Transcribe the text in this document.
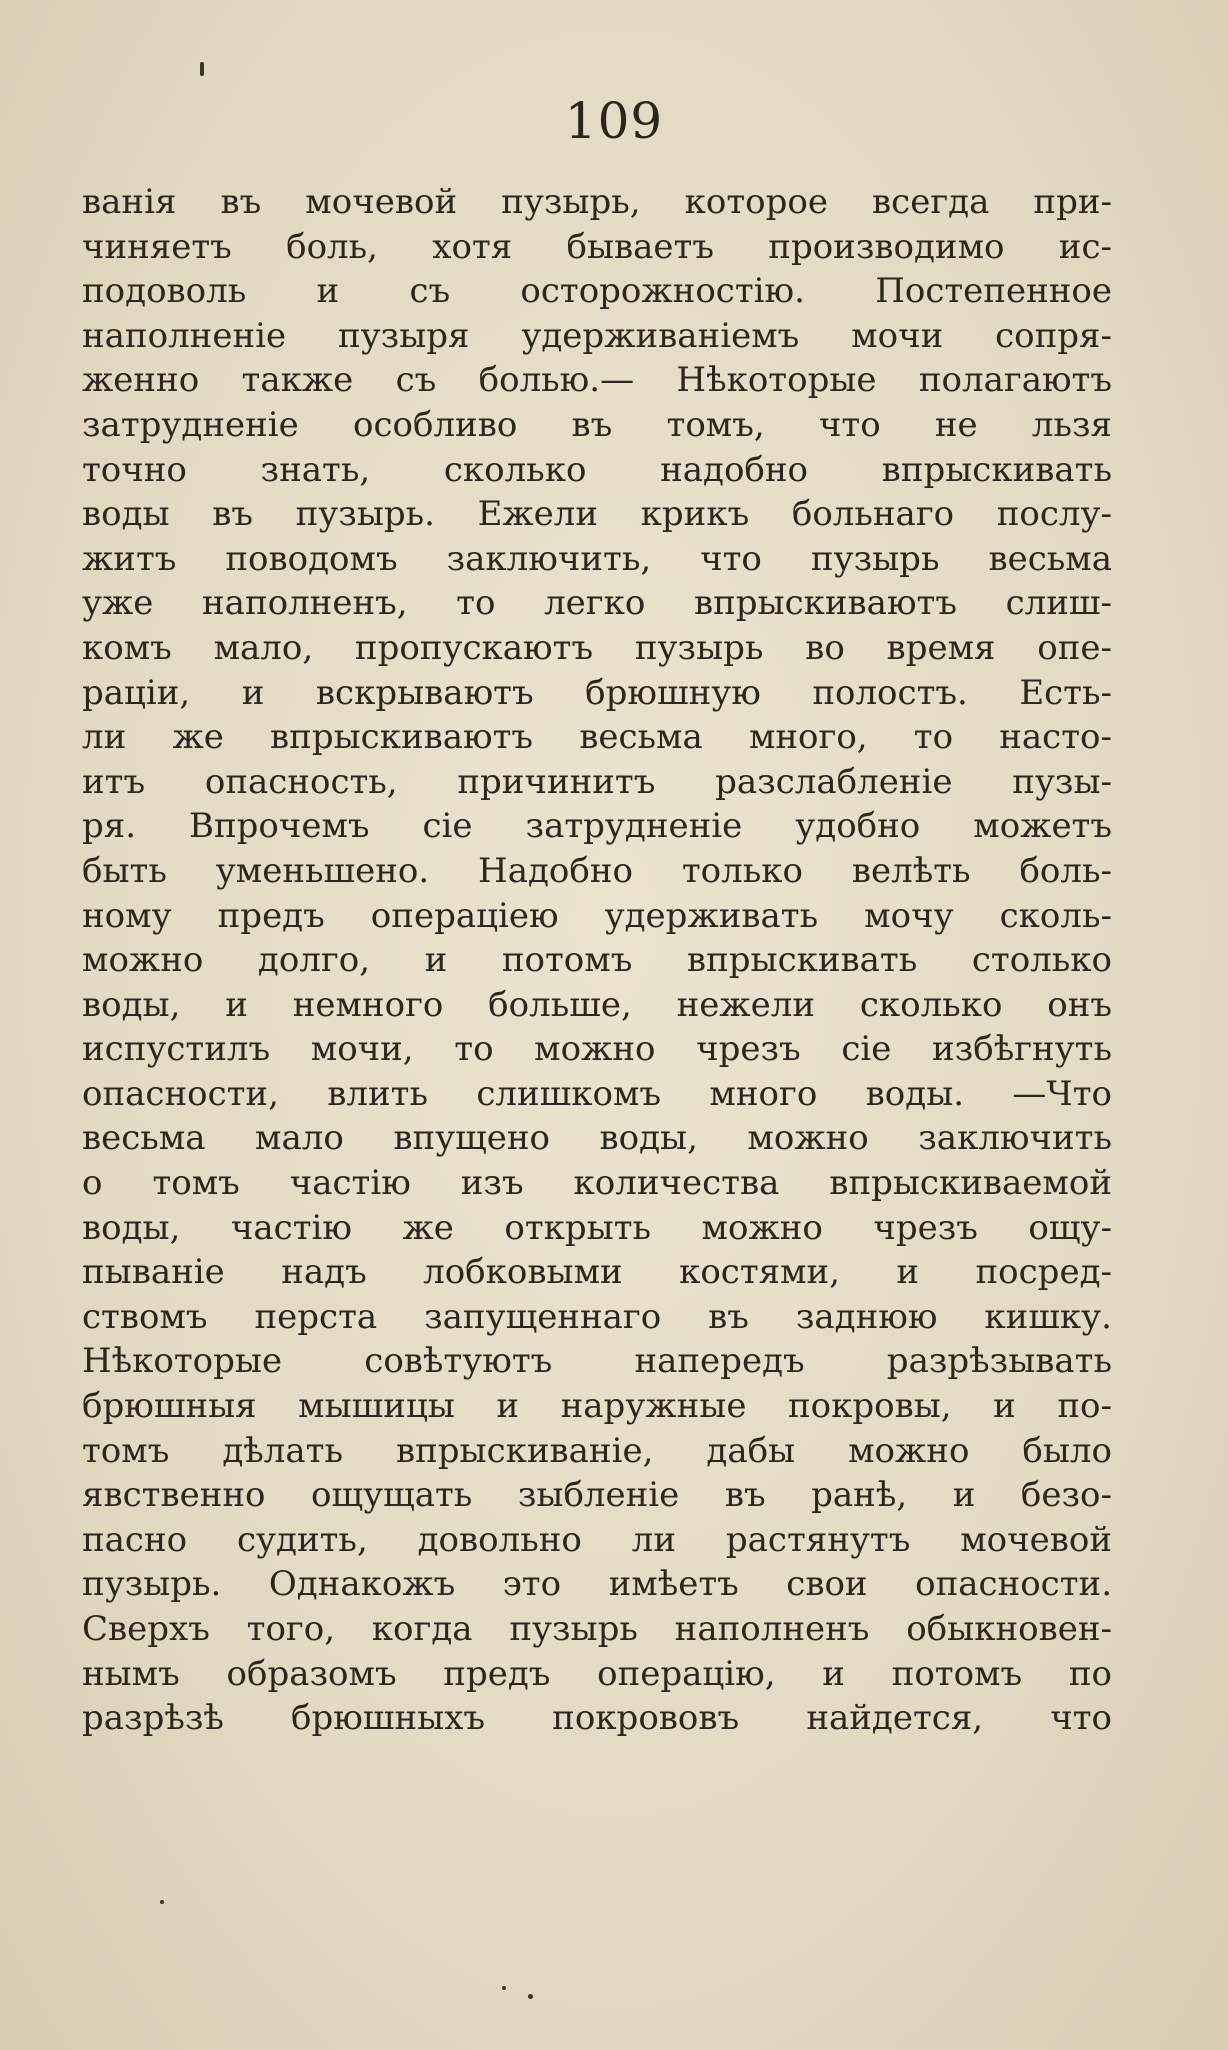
109
ванія въ мочевой пузырь, которое всегда при-
чиняетъ боль, хотя бываетъ производимо ис-
подоволь и съ осторожностію. Постепенное
наполненіе пузыря удерживаніемъ мочи сопря-
женно также съ болью.— Нѣкоторые полагаютъ
затрудненіе особливо въ томъ, что не льзя
точно знать, сколько надобно впрыскивать
воды въ пузырь. Ежели крикъ больнаго послу-
житъ поводомъ заключить, что пузырь весьма
уже наполненъ, то легко впрыскиваютъ слиш-
комъ мало, пропускаютъ пузырь во время опе-
раціи, и вскрываютъ брюшную полостъ. Есть-
ли же впрыскиваютъ весьма много, то насто-
итъ опасность, причинитъ разслабленіе пузы-
ря. Впрочемъ сіе затрудненіе удобно можетъ
быть уменьшено. Надобно только велѣть боль-
ному предъ операціею удерживать мочу сколь-
можно долго, и потомъ впрыскивать столько
воды, и немного больше, нежели сколько онъ
испустилъ мочи, то можно чрезъ сіе избѣгнуть
опасности, влить слишкомъ много воды. —Что
весьма мало впущено воды, можно заключить
о томъ частію изъ количества впрыскиваемой
воды, частію же открыть можно чрезъ ощу-
пываніе надъ лобковыми костями, и посред-
ствомъ перста запущеннаго въ заднюю кишку.
Нѣкоторые совѣтуютъ напередъ разрѣзывать
брюшныя мышицы и наружные покровы, и по-
томъ дѣлать впрыскиваніе, дабы можно было
явственно ощущать зыбленіе въ ранѣ, и безо-
пасно судить, довольно ли растянутъ мочевой
пузырь. Однакожъ это имѣетъ свои опасности.
Сверхъ того, когда пузырь наполненъ обыкновен-
нымъ образомъ предъ операцію, и потомъ по
разрѣзѣ брюшныхъ покрововъ найдется, что
